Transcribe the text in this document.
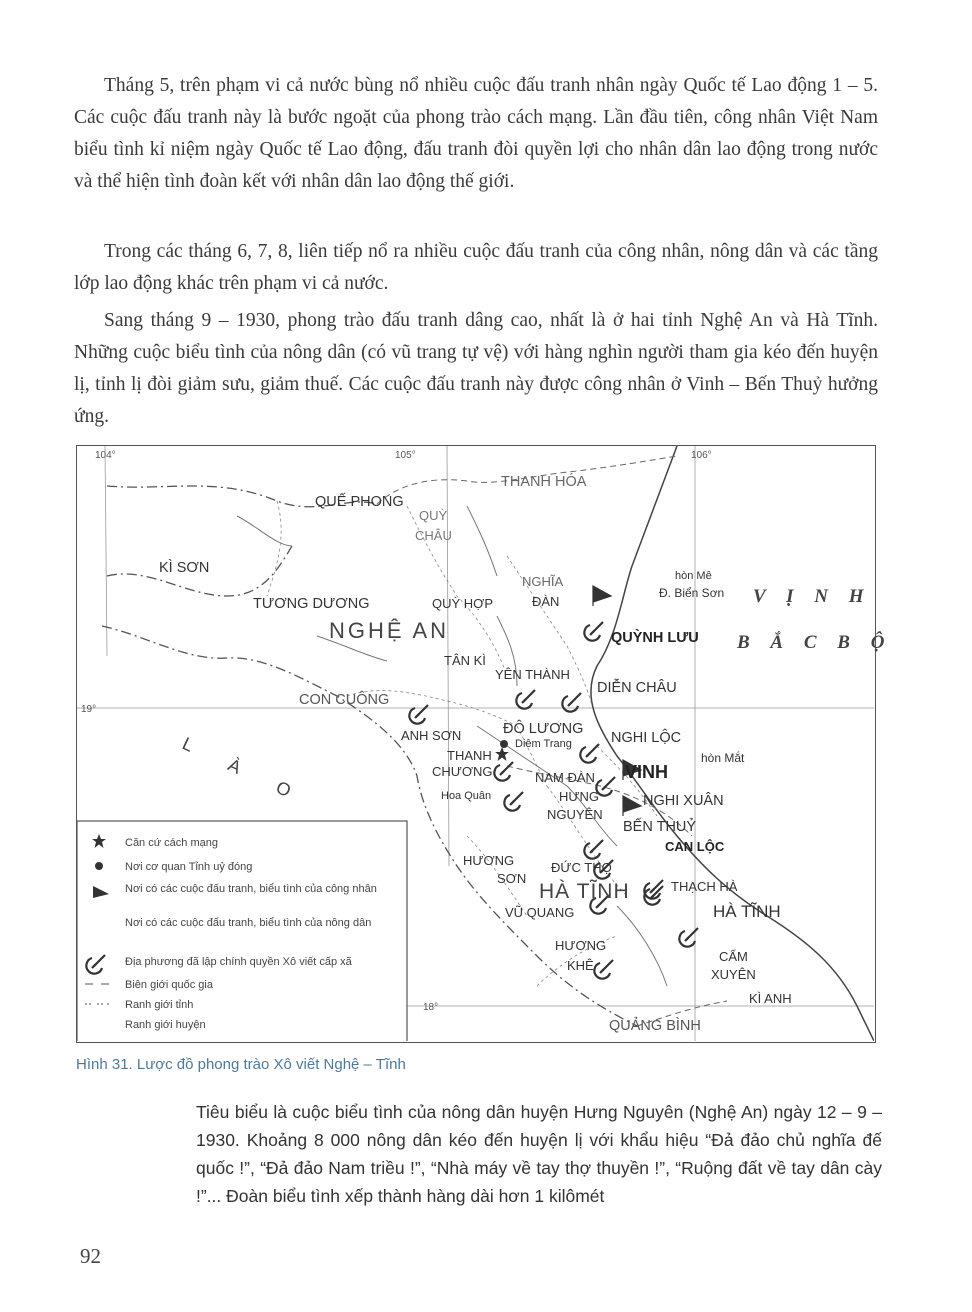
Tháng 5, trên phạm vi cả nước bùng nổ nhiều cuộc đấu tranh nhân ngày Quốc tế Lao động 1 – 5. Các cuộc đấu tranh này là bước ngoặt của phong trào cách mạng. Lần đầu tiên, công nhân Việt Nam biểu tình kỉ niệm ngày Quốc tế Lao động, đấu tranh đòi quyền lợi cho nhân dân lao động trong nước và thể hiện tình đoàn kết với nhân dân lao động thế giới.

Trong các tháng 6, 7, 8, liên tiếp nổ ra nhiều cuộc đấu tranh của công nhân, nông dân và các tầng lớp lao động khác trên phạm vi cả nước.

Sang tháng 9 – 1930, phong trào đấu tranh dâng cao, nhất là ở hai tỉnh Nghệ An và Hà Tĩnh. Những cuộc biểu tình của nông dân (có vũ trang tự vệ) với hàng nghìn người tham gia kéo đến huyện lị, tỉnh lị đòi giảm sưu, giảm thuế. Các cuộc đấu tranh này được công nhân ở Vinh – Bến Thuỷ hưởng ứng.

104°	105°	106°
19°
18°
THANH HÓA
QUẾ PHONG
QUỲ
CHÂU
KÌ SƠN
TƯƠNG DƯƠNG	QUỲ HỢP
NGHĨA
ĐÀN
NGHỆ AN
TÂN KÌ
YÊN THÀNH
QUỲNH LƯU
DIỄN CHÂU
CON CUÔNG
ANH SƠN	ĐÔ LƯƠNG
Diêm Trang	NGHI LỘC
THANH
CHƯƠNG	NAM ĐÀN VINH
Hoa Quân	HƯNG
NGUYÊN
NGHI XUÂN
BẾN THUỶ
CAN LỘC
ĐỨC THỌ
HƯƠNG
SƠN
HÀ TĨNH	THẠCH HÀ
HÀ TĨNH
VŨ QUANG
HƯƠNG
KHÊ
CẨM
XUYÊN
KÌ ANH
QUẢNG BÌNH
L À O
hòn Mê
Đ. Biển Sơn
hòn Mắt
V Ị N H
B Ắ C B Ộ
Căn cứ cách mạng
Nơi cơ quan Tỉnh uỷ đóng
Nơi có các cuộc đấu tranh, biểu tình của công nhân
Nơi có các cuộc đấu tranh, biểu tình của nông dân
Địa phương đã lập chính quyền Xô viết cấp xã
Biên giới quốc gia
Ranh giới tỉnh
Ranh giới huyện
Hình 31. Lược đồ phong trào Xô viết Nghệ – Tĩnh

Tiêu biểu là cuộc biểu tình của nông dân huyện Hưng Nguyên (Nghệ An) ngày 12 – 9 – 1930. Khoảng 8 000 nông dân kéo đến huyện lị với khẩu hiệu “Đả đảo chủ nghĩa đế quốc !”, “Đả đảo Nam triều !”, “Nhà máy về tay thợ thuyền !”, “Ruộng đất về tay dân cày !”... Đoàn biểu tình xếp thành hàng dài hơn 1 kilômét

92
